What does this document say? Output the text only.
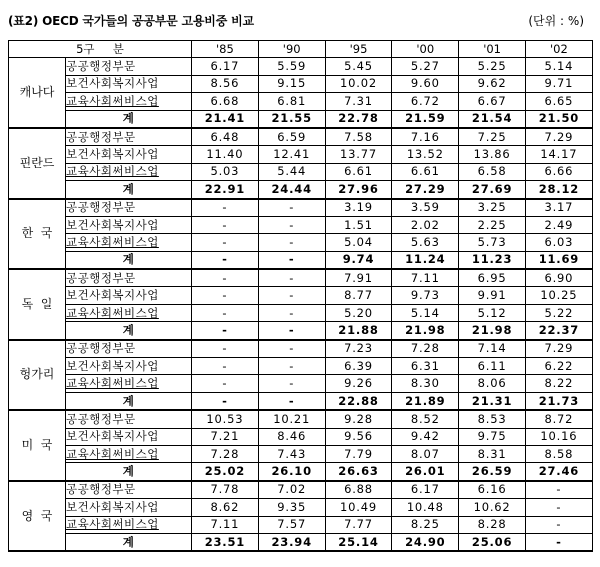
(표2) OECD 국가들의 공공부문 고용비중 비교	(단위 : %)
5구     분		'85	'90	'95	'00	'01	'02
캐나다	공공행정부문	6.17	5.59	5.45	5.27	5.25	5.14
	보건사회복지사업	8.56	9.15	10.02	9.60	9.62	9.71
	교육사회써비스업	6.68	6.81	7.31	6.72	6.67	6.65
	계	21.41	21.55	22.78	21.59	21.54	21.50
핀란드	공공행정부문	6.48	6.59	7.58	7.16	7.25	7.29
	보건사회복지사업	11.40	12.41	13.77	13.52	13.86	14.17
	교육사회써비스업	5.03	5.44	6.61	6.61	6.58	6.66
	계	22.91	24.44	27.96	27.29	27.69	28.12
한  국	공공행정부문	-	-	3.19	3.59	3.25	3.17
	보건사회복지사업	-	-	1.51	2.02	2.25	2.49
	교육사회써비스업	-	-	5.04	5.63	5.73	6.03
	계	-	-	9.74	11.24	11.23	11.69
독  일	공공행정부문	-	-	7.91	7.11	6.95	6.90
	보건사회복지사업	-	-	8.77	9.73	9.91	10.25
	교육사회써비스업	-	-	5.20	5.14	5.12	5.22
	계	-	-	21.88	21.98	21.98	22.37
헝가리	공공행정부문	-	-	7.23	7.28	7.14	7.29
	보건사회복지사업	-	-	6.39	6.31	6.11	6.22
	교육사회써비스업	-	-	9.26	8.30	8.06	8.22
	계	-	-	22.88	21.89	21.31	21.73
미  국	공공행정부문	10.53	10.21	9.28	8.52	8.53	8.72
	보건사회복지사업	7.21	8.46	9.56	9.42	9.75	10.16
	교육사회써비스업	7.28	7.43	7.79	8.07	8.31	8.58
	계	25.02	26.10	26.63	26.01	26.59	27.46
영  국	공공행정부문	7.78	7.02	6.88	6.17	6.16	-
	보건사회복지사업	8.62	9.35	10.49	10.48	10.62	-
	교육사회써비스업	7.11	7.57	7.77	8.25	8.28	-
	계	23.51	23.94	25.14	24.90	25.06	-
